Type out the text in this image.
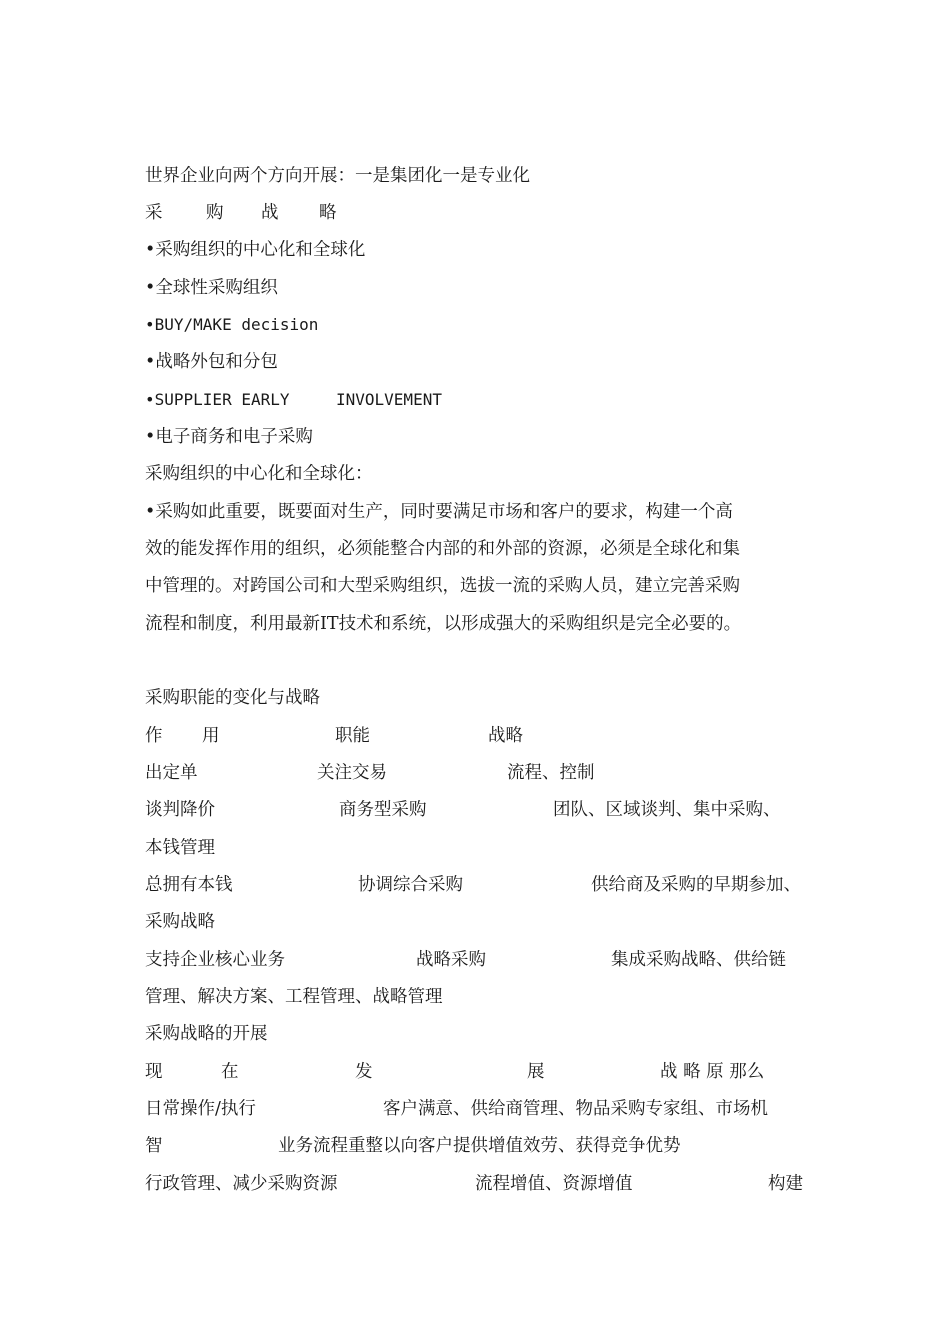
世界企业向两个方向开展：一是集团化一是专业化
采 购 战 略
•采购组织的中心化和全球化
•全球性采购组织
•BUY/MAKE decision
•战略外包和分包
•SUPPLIER EARLY	INVOLVEMENT
•电子商务和电子采购
采购组织的中心化和全球化：
•采购如此重要，既要面对生产，同时要满足市场和客户的要求，构建一个高
效的能发挥作用的组织，必须能整合内部的和外部的资源，必须是全球化和集
中管理的。对跨国公司和大型采购组织，选拔一流的采购人员，建立完善采购
流程和制度，利用最新IT技术和系统，以形成强大的采购组织是完全必要的。
采购职能的变化与战略
作 用	职能	战略
出定单	关注交易	流程、控制
谈判降价	商务型采购	团队、区域谈判、集中采购、
本钱管理
总拥有本钱	协调综合采购	供给商及采购的早期参加、
采购战略
支持企业核心业务	战略采购	集成采购战略、供给链
管理、解决方案、工程管理、战略管理
采购战略的开展
现	在	发	展	战 略 原 那么
日常操作/执行	客户满意、供给商管理、物品采购专家组、市场机
智	业务流程重整以向客户提供增值效劳、获得竞争优势
行政管理、减少采购资源	流程增值、资源增值	构建
